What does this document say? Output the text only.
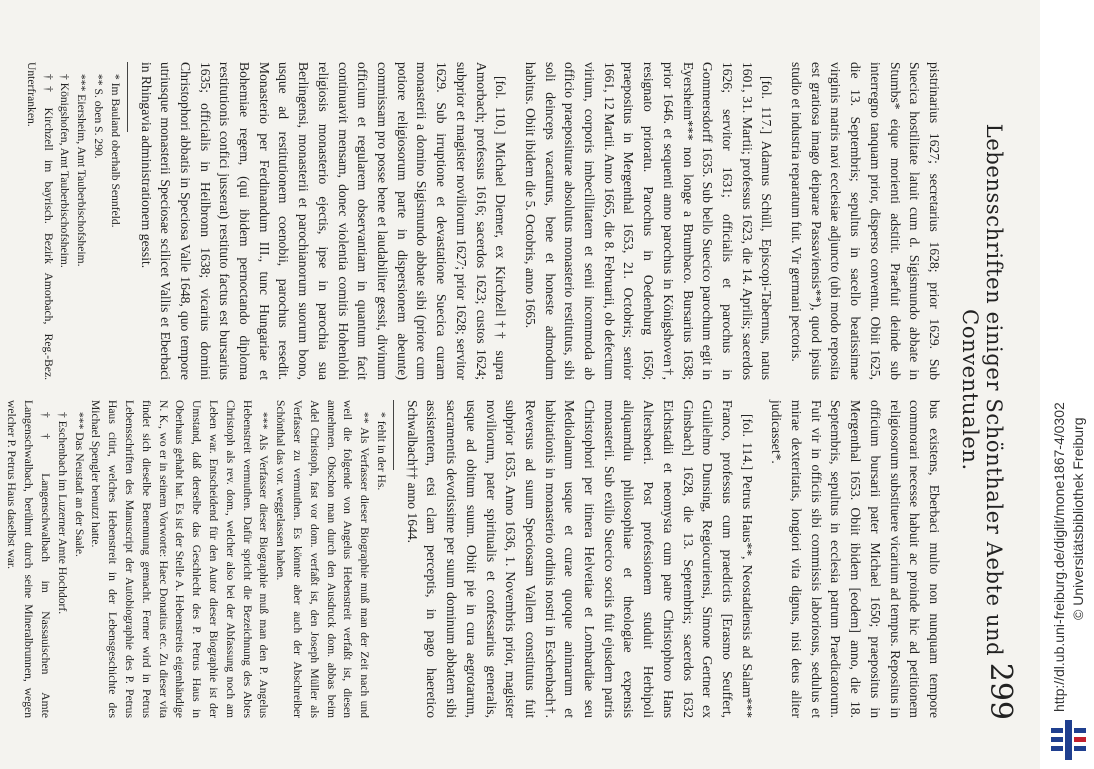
Lebensschriften einiger Schönthaler Aebte und Conventualen.
299

pistrinarius 1627; secretarius 1628; prior 1629. Sub Suecica hostilitate latuit cum d. Sigismundo abbate in Stumbs* eique morienti adstitit. Praefuit deinde sub interregno tanquam prior, disperso conventu. Obiit 1625, die 13. Septembris; sepultus in sacello beatissimae virginis matris navi ecclesiae adjuncto (ubi modo reposita est gratiosa imago deiparae Passaviensis**), quod ipsius studio et industria reparatum fuit. Vir germani pectoris.

[fol. 117.] Adamus Schüll, Episcopi-Tabernus, natus 1601, 31. Martii; professus 1623, die 14. Aprilis; sacerdos 1626; servitor 1631; officialis et parochus in Gommersdorff 1635. Sub bello Suecico parochum egit in Eyersheim*** non longe a Brumbaco. Bursarius 1638; prior 1646. et sequenti anno parochus in Königshoven†, resignato prioratu. Parochus in Oedenburg 1650; praepositus in Mergenthal 1653, 21. Octobris; senior 1661, 12 Martii. Anno 1665, die 8. Februarii, ob defectum virium, corporis imbecillitatem et senii incommoda ab officio praepositurae absolutus monasterio restitutus, sibi soli deinceps vacaturus, bene et honeste admodum habitus. Obiit ibidem die 5. Octobris, anno 1665.

[fol. 110.] Michael Diemer, ex Kirchzell†† supra Amorbach; professus 1616; sacerdos 1623; custos 1624; subprior et magister noviliorum 1627; prior 1628; servitor 1629. Sub irruptione et devastatione Suecica curam monasterii a domino Sigismundo abbate sibi (priore cum potiore religiosorum parte in dispersionem abeunte) commissam pro posse bene et laudabiliter gessit, divinum officium et regularem observantiam in quantum facit continuavit mensam, donec violentia comitis Hohenlohi religiosis monasterio ejectis, ipse in parochia sua Berlingensi, monasterii et parochianorum suorum bono, usque ad restitutionem coenobii, parochus resedit. Monasterio per Ferdinandum III., tunc Hungariae et Bohemiae regem, (qui ibidem pernoctando diploma restitutionis confici jusserat) restituto factus est bursarius 1635; officialis in Heilbronn 1638; vicarius domini Christophori abbatis in Speciosa Valle 1648, quo tempore utriusque monasterii Speciosae scilicet Vallis et Eberbaci in Rhingavia administrationem gessit.

* Im Bauland oberhalb Sennfeld.

** S. oben S. 290.

*** Eiersheim, Amt Tauberbischofsheim.

† Königshofen, Amt Tauberbischofsheim.

†† Kirchzell im bayrisch. Bezirk Amorbach, Reg.-Bez. Unterfranken.

bus existens, Eberbaci multo non nunquam tempore commorari necesse habuit ac proinde hic ad petitionem religiosorum substituere vicarium ad tempus. Repositus in officium bursarii pater Michael 1650; praepositus in Mergenthal 1653. Obiit ibidem [eodem] anno, die 18. Septembris, sepultus in ecclesia patrum Praedicatorum. Fuit vir in officiis sibi commissis laboriosus, sedulus et mirae dexteritatis, longiori vita dignus, nisi deus aliter judicasset*.

[fol. 114.] Petrus Haus**, Neostadiensis ad Salam*** Franco, professus cum praedictis [Erasmo Seuffert, Guilielmo Dunsing, Regiocuriensi, Simone Gertner ex Ginsbach] 1628, die 13. Septembris; sacerdos 1632 Eichstadii et neomysta cum patre Christophoro Hans Altershoeri. Post professionem studuit Herbipoli aliquamdiu philosophiae et theologiae expensis monasterii. Sub exilio Suecico sociis fuit ejusdem patris Christophori per itinera Helvetiae et Lombardiae seu Mediolanum usque et curae quoque animarum et habitationis in monasterio ordinis nostri in Eschenbach†. Reversus ad suum Speciosam Vallem constitutus fuit subprior 1635. Anno 1636, 1. Novembris prior, magister noviliorum, pater spiritualis et confessarius generalis, usque ad obitum suum. Obiit pie in cura aegrotarum, sacramentis devotissime per suum dominum abbatem sibi assistentem, etsi clam perceptis, in pago haeretico Schwalbach†† anno 1644.

* fehlt in der Hs.

** Als Verfasser dieser Biographie muß man der Zeit nach und weil die folgende von Angelus Hebenstreit verfaßt ist, diesen annehmen. Obschon man durch den Ausdruck dom. abbas beim Adel Christoph, fast vor dom. verfaßt ist, den Joseph Müller als Verfasser zu vermuthen. Es könnte aber auch der Abschreiber Schönthal das vor. weggelassen haben.

*** Als Verfasser dieser Biographie muß man den P. Angelus Hebenstreit vermuthen. Dafür spricht die Bezeichnung des Abtes Christoph als rev. dom., welcher also bei der Abfassung noch am Leben war. Entscheidend für den Autor dieser Biographie ist der Umstand, daß derselbe das Geschlecht des P. Petrus Haus in Oberhaus gehabt hat. Es ist der Stelle A. Hebenstreits eigenhändige N. K., wo er in seinem Vorworte: Haec Donatius etc. Zu dieser vita findet sich dieselbe Benennung gemacht. Ferner wird in Petrus Lebensschriften des Manuscript der Autobiographie des P. Petrus Haus citirt, welches Hebenstreit in der Lebensgeschichte des Michael Spengler benutzt hatte.

*** Das Neustadt an der Saale.

† Eschenbach im Luzerner Amte Hochdorf.

†† Langenschwalbach im Nassauischen Amte Langenschwalbach, berühmt durch seine Mineralbrunnen, wegen welcher P. Petrus Haus daselbst war.	http://dl.ub.uni-freiburg.de/diglit/mone1867-4/0302 © Universitätsbibliothek Freiburg
